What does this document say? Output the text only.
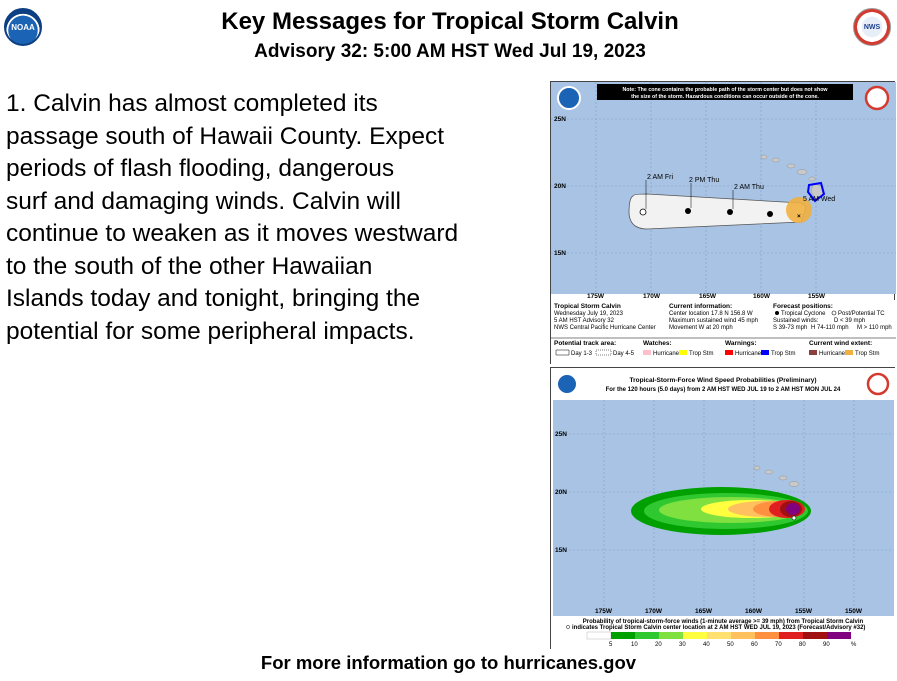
NOAA	NWS
Key Messages for Tropical Storm Calvin
Advisory 32: 5:00 AM HST Wed Jul 19, 2023
1. Calvin has almost completed its
passage south of Hawaii County. Expect
periods of flash flooding, dangerous
surf and damaging winds. Calvin will
continue to weaken as it moves westward
to the south of the other Hawaiian
Islands today and tonight, bringing the
potential for some peripheral impacts.
×
2 AM Fri 2 PM Thu
2 AM Thu
5 AM Wed
25N
20N
15N
175W	170W	165W	160W	155W
Note: The cone contains the probable path of the storm center but does not show
the size of the storm. Hazardous conditions can occur outside of the cone.
Tropical Storm Calvin
Wednesday July 19, 2023
5 AM HST Advisory 32
NWS Central Pacific Hurricane Center
Current information:
Center location 17.8 N 156.8 W
Maximum sustained wind 45 mph
Movement W at 20 mph
Forecast positions:
Tropical Cyclone Post/Potential TC
Sustained winds:	D < 39 mph
S 39-73 mph H 74-110 mph M > 110 mph
Potential track area:
Day 1-3	Day 4-5
Watches:
Hurricane Trop Stm
Warnings:
Hurricane Trop Stm
Current wind extent:
Hurricane Trop Stm
Tropical-Storm-Force Wind Speed Probabilities (Preliminary)
For the 120 hours (5.0 days) from 2 AM HST WED JUL 19 to 2 AM HST MON JUL 24
25N
20N
15N
175W	170W	165W	160W	155W	150W
Probability of tropical-storm-force winds (1-minute average >= 39 mph) from Tropical Storm Calvin
indicates Tropical Storm Calvin center location at 2 AM HST WED JUL 19, 2023 (Forecast/Advisory #32)
5	10	20	30	40	50	60	70	80	90	%
For more information go to hurricanes.gov
